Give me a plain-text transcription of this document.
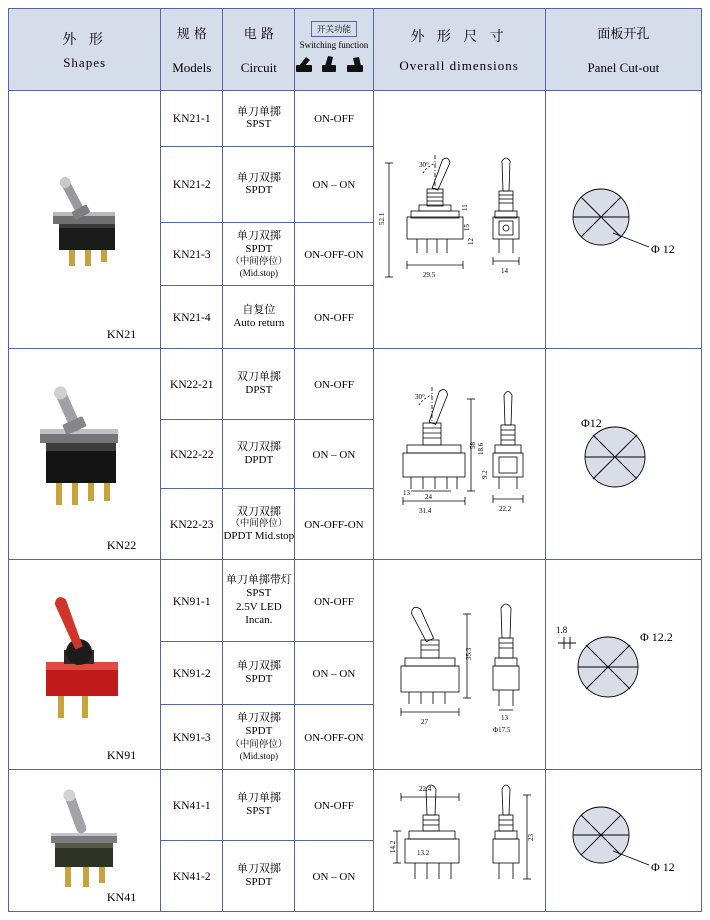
外 形
Shapes

规 格
Models

电 路
Circuit

开关功能
Switching function

外 形 尺 寸
Overall dimensions

面板开孔
Panel Cut-out

KN21
	KN21-1	
单刀单掷
SPST	ON-OFF	
52.1
30°
29.5
11
15
12
14

Φ 12

	KN21-2	单刀双掷
SPDT	ON – ON		
	KN21-3	单刀双掷
SPDT
（中间停位）
(Mid.stop)	ON-OFF-ON		
	KN21-4	自复位
Auto return	ON-OFF		

KN22
	KN22-21	
双刀单掷
DPST	ON-OFF	
30°
58
31.4
24
13
22.2
18.6
9.2

Φ12

	KN22-22	双刀双掷
DPDT	ON – ON		
	KN22-23	双刀双掷
（中间停位）
DPDT Mid.stop	ON-OFF-ON		

KN91
	KN91-1	
单刀单掷带灯
SPST
2.5V LED
Incan.
	ON-OFF	
35.3
27	13
Φ17.5

1.8	Φ 12.2

	KN91-2	单刀双掷
SPDT	ON – ON		
	KN91-3	单刀双掷
SPDT
（中间停位）
(Mid.stop)	ON-OFF-ON		

KN41
	KN41-1	
单刀单掷
SPST	ON-OFF	
22.4
14.2	13.2
23

Φ 12

	KN41-2	单刀双掷
SPDT	ON – ON		
